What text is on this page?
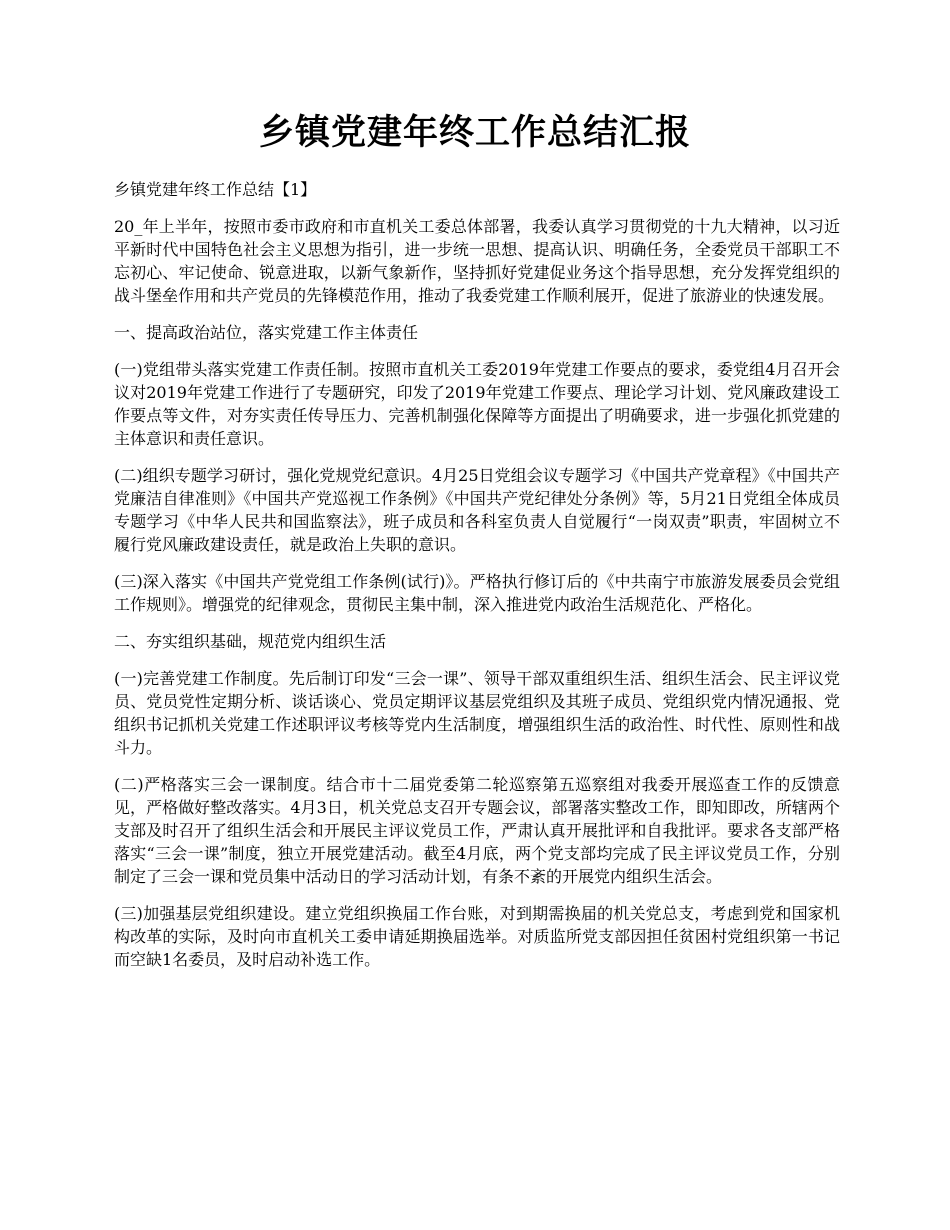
乡镇党建年终工作总结汇报

乡镇党建年终工作总结【1】

20_年上半年，按照市委市政府和市直机关工委总体部署，我委认真学习贯彻党的十九大精神，以习近平新时代中国特色社会主义思想为指引，进一步统一思想、提高认识、明确任务，全委党员干部职工不忘初心、牢记使命、锐意进取，以新气象新作，坚持抓好党建促业务这个指导思想，充分发挥党组织的战斗堡垒作用和共产党员的先锋模范作用，推动了我委党建工作顺利展开，促进了旅游业的快速发展。

一、提高政治站位，落实党建工作主体责任

(一)党组带头落实党建工作责任制。按照市直机关工委2019年党建工作要点的要求，委党组4月召开会议对2019年党建工作进行了专题研究，印发了2019年党建工作要点、理论学习计划、党风廉政建设工作要点等文件，对夯实责任传导压力、完善机制强化保障等方面提出了明确要求，进一步强化抓党建的主体意识和责任意识。

(二)组织专题学习研讨，强化党规党纪意识。4月25日党组会议专题学习《中国共产党章程》《中国共产党廉洁自律准则》《中国共产党巡视工作条例》《中国共产党纪律处分条例》等，5月21日党组全体成员专题学习《中华人民共和国监察法》，班子成员和各科室负责人自觉履行“一岗双责”职责，牢固树立不履行党风廉政建设责任，就是政治上失职的意识。

(三)深入落实《中国共产党党组工作条例(试行)》。严格执行修订后的《中共南宁市旅游发展委员会党组工作规则》。增强党的纪律观念，贯彻民主集中制，深入推进党内政治生活规范化、严格化。

二、夯实组织基础，规范党内组织生活

(一)完善党建工作制度。先后制订印发“三会一课”、领导干部双重组织生活、组织生活会、民主评议党员、党员党性定期分析、谈话谈心、党员定期评议基层党组织及其班子成员、党组织党内情况通报、党组织书记抓机关党建工作述职评议考核等党内生活制度，增强组织生活的政治性、时代性、原则性和战斗力。

(二)严格落实三会一课制度。结合市十二届党委第二轮巡察第五巡察组对我委开展巡查工作的反馈意见，严格做好整改落实。4月3日，机关党总支召开专题会议，部署落实整改工作，即知即改，所辖两个支部及时召开了组织生活会和开展民主评议党员工作，严肃认真开展批评和自我批评。要求各支部严格落实“三会一课”制度，独立开展党建活动。截至4月底，两个党支部均完成了民主评议党员工作，分别制定了三会一课和党员集中活动日的学习活动计划，有条不紊的开展党内组织生活会。

(三)加强基层党组织建设。建立党组织换届工作台账，对到期需换届的机关党总支，考虑到党和国家机构改革的实际，及时向市直机关工委申请延期换届选举。对质监所党支部因担任贫困村党组织第一书记而空缺1名委员，及时启动补选工作。
